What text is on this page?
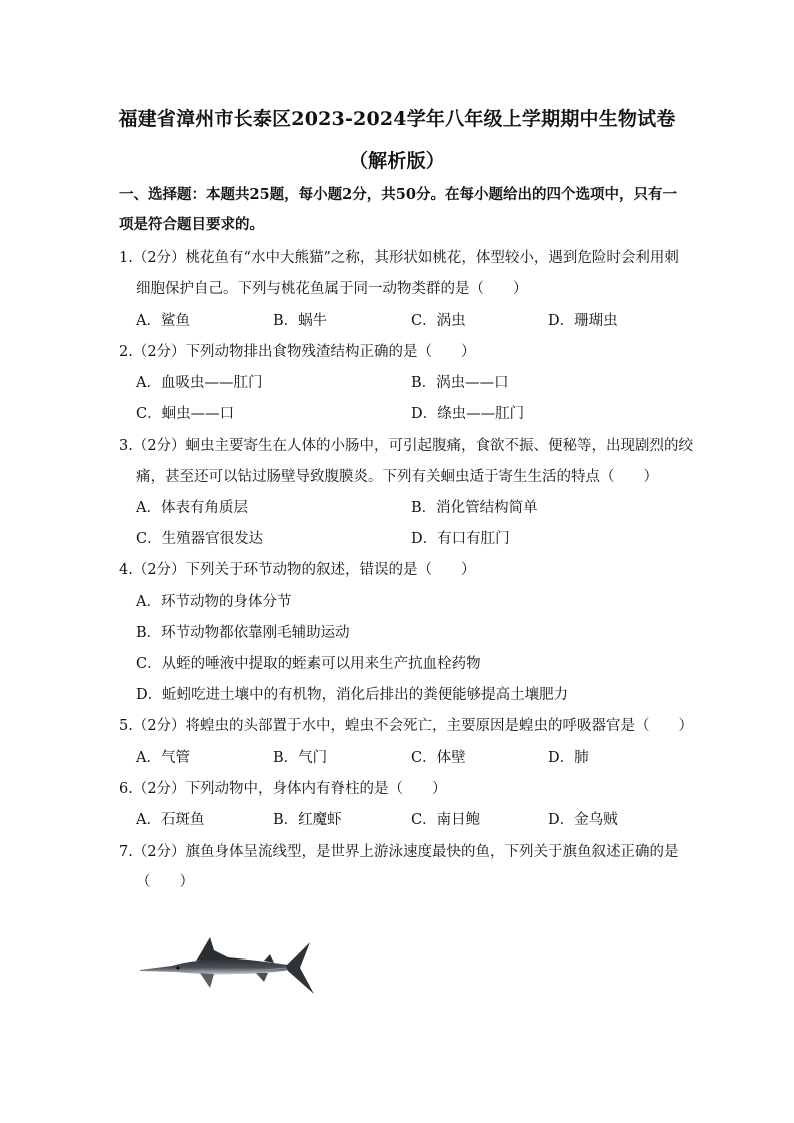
福建省漳州市长泰区2023-2024学年八年级上学期期中生物试卷
（解析版）
一、选择题：本题共25题，每小题2分，共50分。在每小题给出的四个选项中，只有一
项是符合题目要求的。
1.（2分）桃花鱼有“水中大熊猫”之称，其形状如桃花，体型较小，遇到危险时会利用刺
细胞保护自己。下列与桃花鱼属于同一动物类群的是（　　）
A．鲨鱼	B．蜗牛	C．涡虫	D．珊瑚虫
2.（2分）下列动物排出食物残渣结构正确的是（　　）
A．血吸虫——肛门	B．涡虫——口
C．蛔虫——口	D．绦虫——肛门
3.（2分）蛔虫主要寄生在人体的小肠中，可引起腹痛，食欲不振、便秘等，出现剧烈的绞
痛，甚至还可以钻过肠壁导致腹膜炎。下列有关蛔虫适于寄生生活的特点（　　）
A．体表有角质层	B．消化管结构简单
C．生殖器官很发达	D．有口有肛门
4.（2分）下列关于环节动物的叙述，错误的是（　　）
A．环节动物的身体分节
B．环节动物都依靠刚毛辅助运动
C．从蛭的唾液中提取的蛭素可以用来生产抗血栓药物
D．蚯蚓吃进土壤中的有机物，消化后排出的粪便能够提高土壤肥力
5.（2分）将蝗虫的头部置于水中，蝗虫不会死亡，主要原因是蝗虫的呼吸器官是（　　）
A．气管	B．气门	C．体壁	D．肺
6.（2分）下列动物中，身体内有脊柱的是（　　）
A．石斑鱼	B．红魔虾	C．南日鲍	D．金乌贼
7.（2分）旗鱼身体呈流线型，是世界上游泳速度最快的鱼，下列关于旗鱼叙述正确的是
（　　）
